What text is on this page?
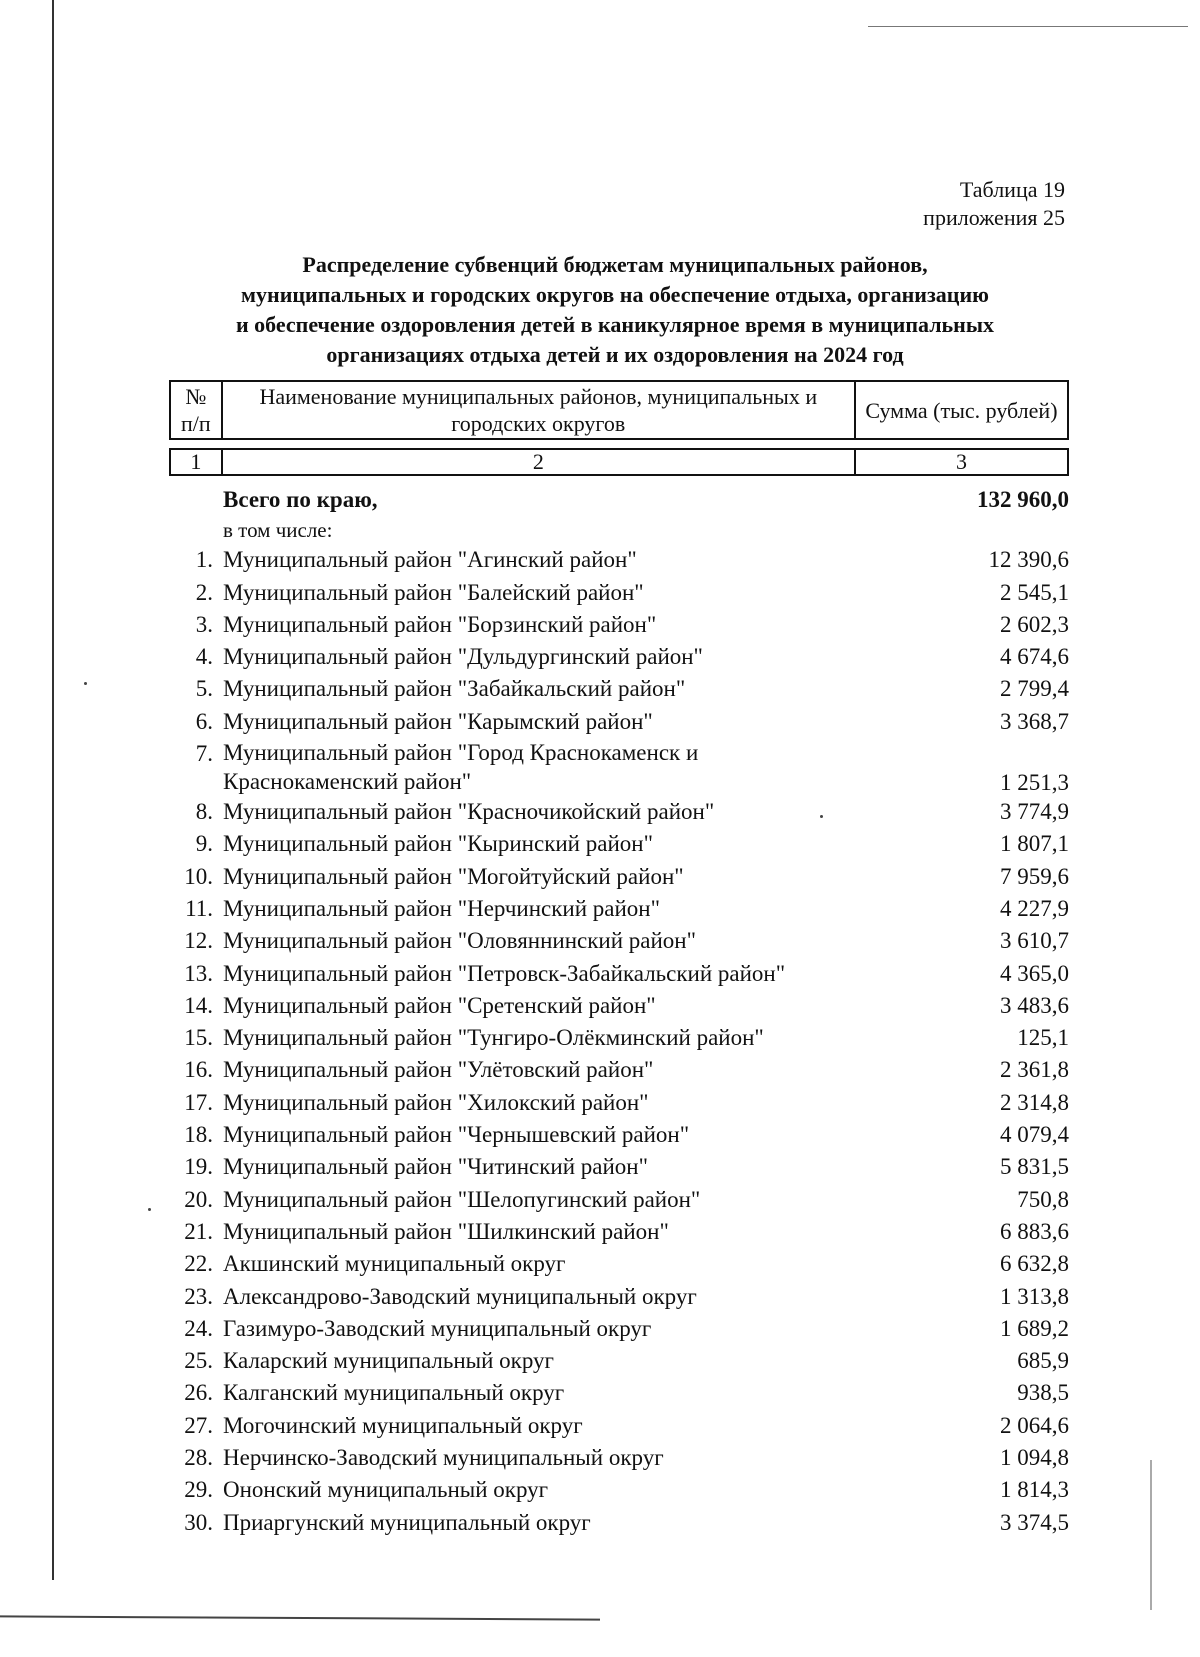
Таблица 19
приложения 25
Распределение субвенций бюджетам муниципальных районов,
муниципальных и городских округов на обеспечение отдыха, организацию
и обеспечение оздоровления детей в каникулярное время в муниципальных
организациях отдыха детей и их оздоровления на 2024 год
№ п/п	Наименование муниципальных районов, муниципальных и городских округов	Сумма (тыс. рублей)
1	2	3
Всего по краю,	132 960,0
в том числе:
1. Муниципальный район "Агинский район"	12 390,6
2. Муниципальный район "Балейский район"	2 545,1
3. Муниципальный район "Борзинский район"	2 602,3
4. Муниципальный район "Дульдургинский район"	4 674,6
5. Муниципальный район "Забайкальский район"	2 799,4
6. Муниципальный район "Карымский район"	3 368,7
7. Муниципальный район "Город Краснокаменск и Краснокаменский район"	1 251,3
8. Муниципальный район "Красночикойский район"	3 774,9
9. Муниципальный район "Кыринский район"	1 807,1
10. Муниципальный район "Могойтуйский район"	7 959,6
11. Муниципальный район "Нерчинский район"	4 227,9
12. Муниципальный район "Оловяннинский район"	3 610,7
13. Муниципальный район "Петровск-Забайкальский район"	4 365,0
14. Муниципальный район "Сретенский район"	3 483,6
15. Муниципальный район "Тунгиро-Олёкминский район"	125,1
16. Муниципальный район "Улётовский район"	2 361,8
17. Муниципальный район "Хилокский район"	2 314,8
18. Муниципальный район "Чернышевский район"	4 079,4
19. Муниципальный район "Читинский район"	5 831,5
20. Муниципальный район "Шелопугинский район"	750,8
21. Муниципальный район "Шилкинский район"	6 883,6
22. Акшинский муниципальный округ	6 632,8
23. Александрово-Заводский муниципальный округ	1 313,8
24. Газимуро-Заводский муниципальный округ	1 689,2
25. Каларский муниципальный округ	685,9
26. Калганский муниципальный округ	938,5
27. Могочинский муниципальный округ	2 064,6
28. Нерчинско-Заводский муниципальный округ	1 094,8
29. Ононский муниципальный округ	1 814,3
30. Приаргунский муниципальный округ	3 374,5
